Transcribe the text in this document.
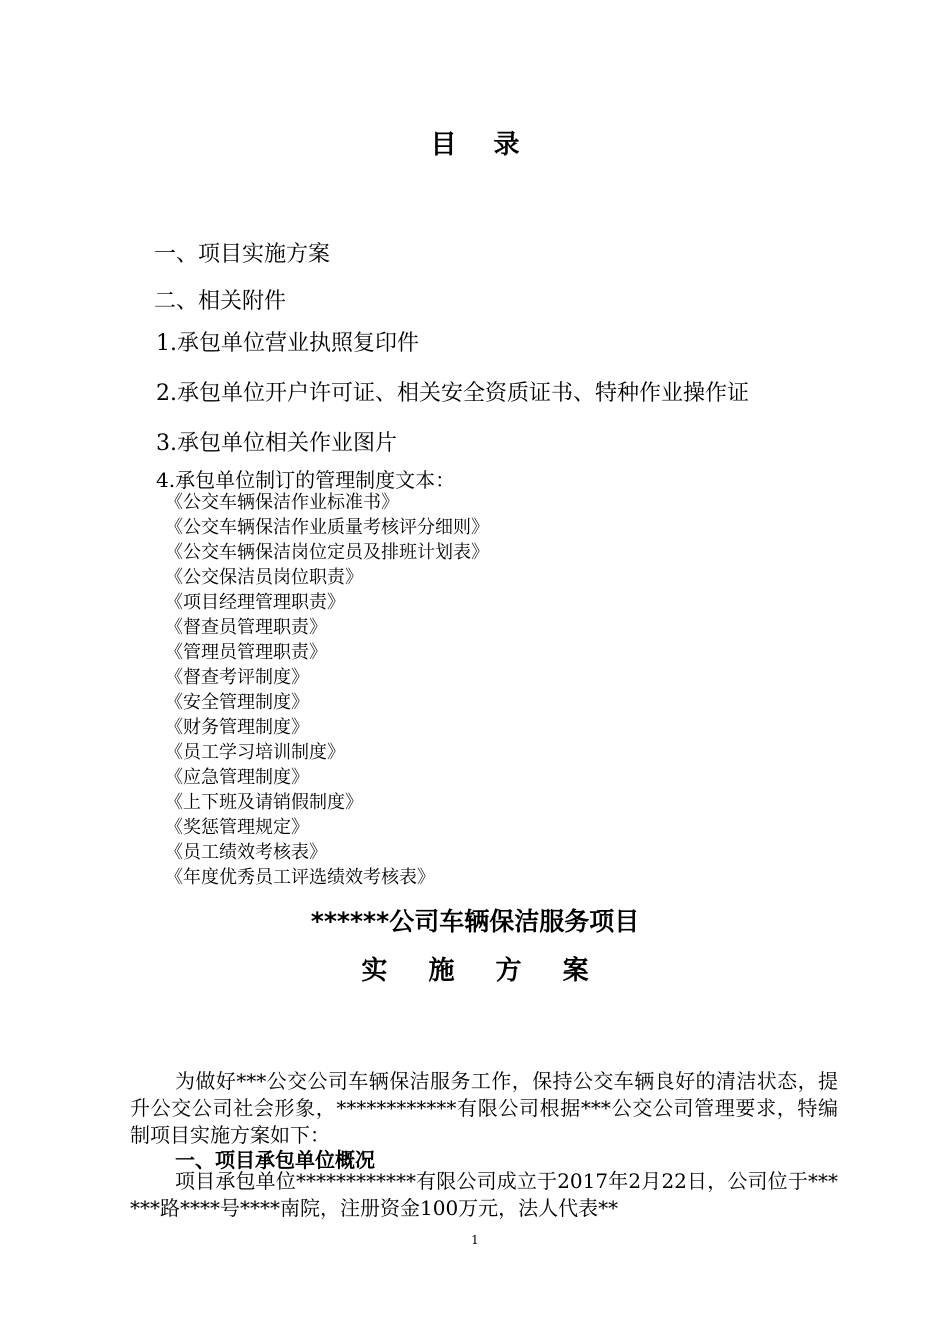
目 录
一、项目实施方案
二、相关附件
1.承包单位营业执照复印件
2.承包单位开户许可证、相关安全资质证书、特种作业操作证
3.承包单位相关作业图片
4.承包单位制订的管理制度文本：
《公交车辆保洁作业标准书》
《公交车辆保洁作业质量考核评分细则》
《公交车辆保洁岗位定员及排班计划表》
《公交保洁员岗位职责》
《项目经理管理职责》
《督查员管理职责》
《管理员管理职责》
《督查考评制度》
《安全管理制度》
《财务管理制度》
《员工学习培训制度》
《应急管理制度》
《上下班及请销假制度》
《奖惩管理规定》
《员工绩效考核表》
《年度优秀员工评选绩效考核表》
******公司车辆保洁服务项目
实 施 方 案
为做好***公交公司车辆保洁服务工作，保持公交车辆良好的清洁状态，提升公交公司社会形象，************有限公司根据***公交公司管理要求，特编制项目实施方案如下：
一、项目承包单位概况
项目承包单位************有限公司成立于2017年2月22日，公司位于******路****号****南院，注册资金100万元，法人代表**
1
